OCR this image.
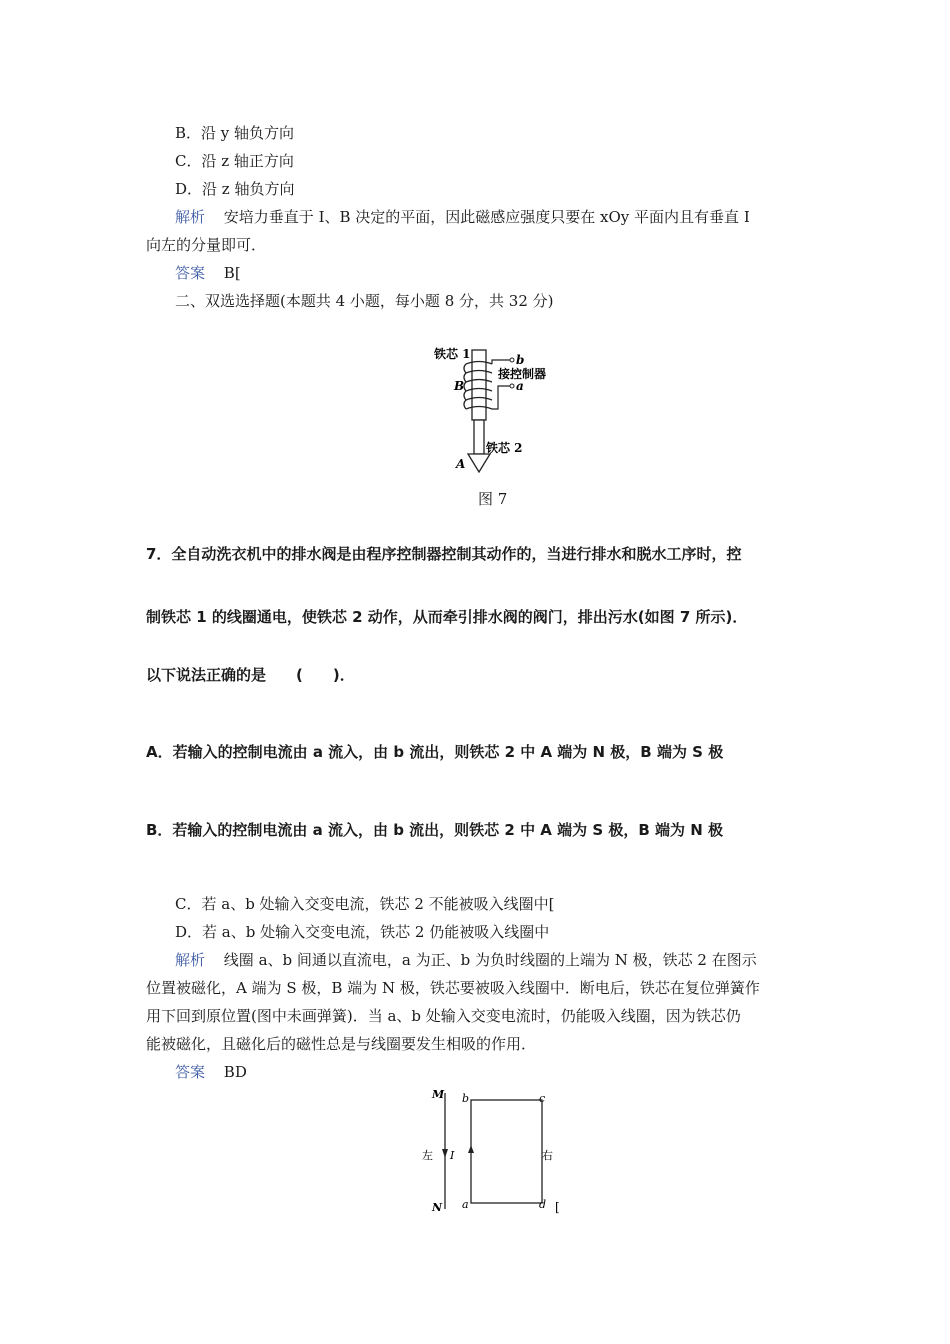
B．沿 y 轴负方向
C．沿 z 轴正方向
D．沿 z 轴负方向
解析 安培力垂直于 I、B 决定的平面，因此磁感应强度只要在 xOy 平面内且有垂直 I
向左的分量即可．
答案 B[
二、双选选择题(本题共 4 小题，每小题 8 分，共 32 分)
铁芯 1	b
接控制器
a
B
铁芯 2
A
图 7
7．全自动洗衣机中的排水阀是由程序控制器控制其动作的，当进行排水和脱水工序时，控
制铁芯 1 的线圈通电，使铁芯 2 动作，从而牵引排水阀的阀门，排出污水(如图 7 所示)．
以下说法正确的是　　(　　)．
A．若输入的控制电流由 a 流入，由 b 流出，则铁芯 2 中 A 端为 N 极，B 端为 S 极
B．若输入的控制电流由 a 流入，由 b 流出，则铁芯 2 中 A 端为 S 极，B 端为 N 极
C．若 a、b 处输入交变电流，铁芯 2 不能被吸入线圈中[
D．若 a、b 处输入交变电流，铁芯 2 仍能被吸入线圈中
解析 线圈 a、b 间通以直流电，a 为正、b 为负时线圈的上端为 N 极，铁芯 2 在图示
位置被磁化，A 端为 S 极，B 端为 N 极，铁芯要被吸入线圈中．断电后，铁芯在复位弹簧作
用下回到原位置(图中未画弹簧)．当 a、b 处输入交变电流时，仍能吸入线圈，因为铁芯仍
能被磁化，且磁化后的磁性总是与线圈要发生相吸的作用．
答案 BD
M
N
左 I
b	c
a	d
右
[
